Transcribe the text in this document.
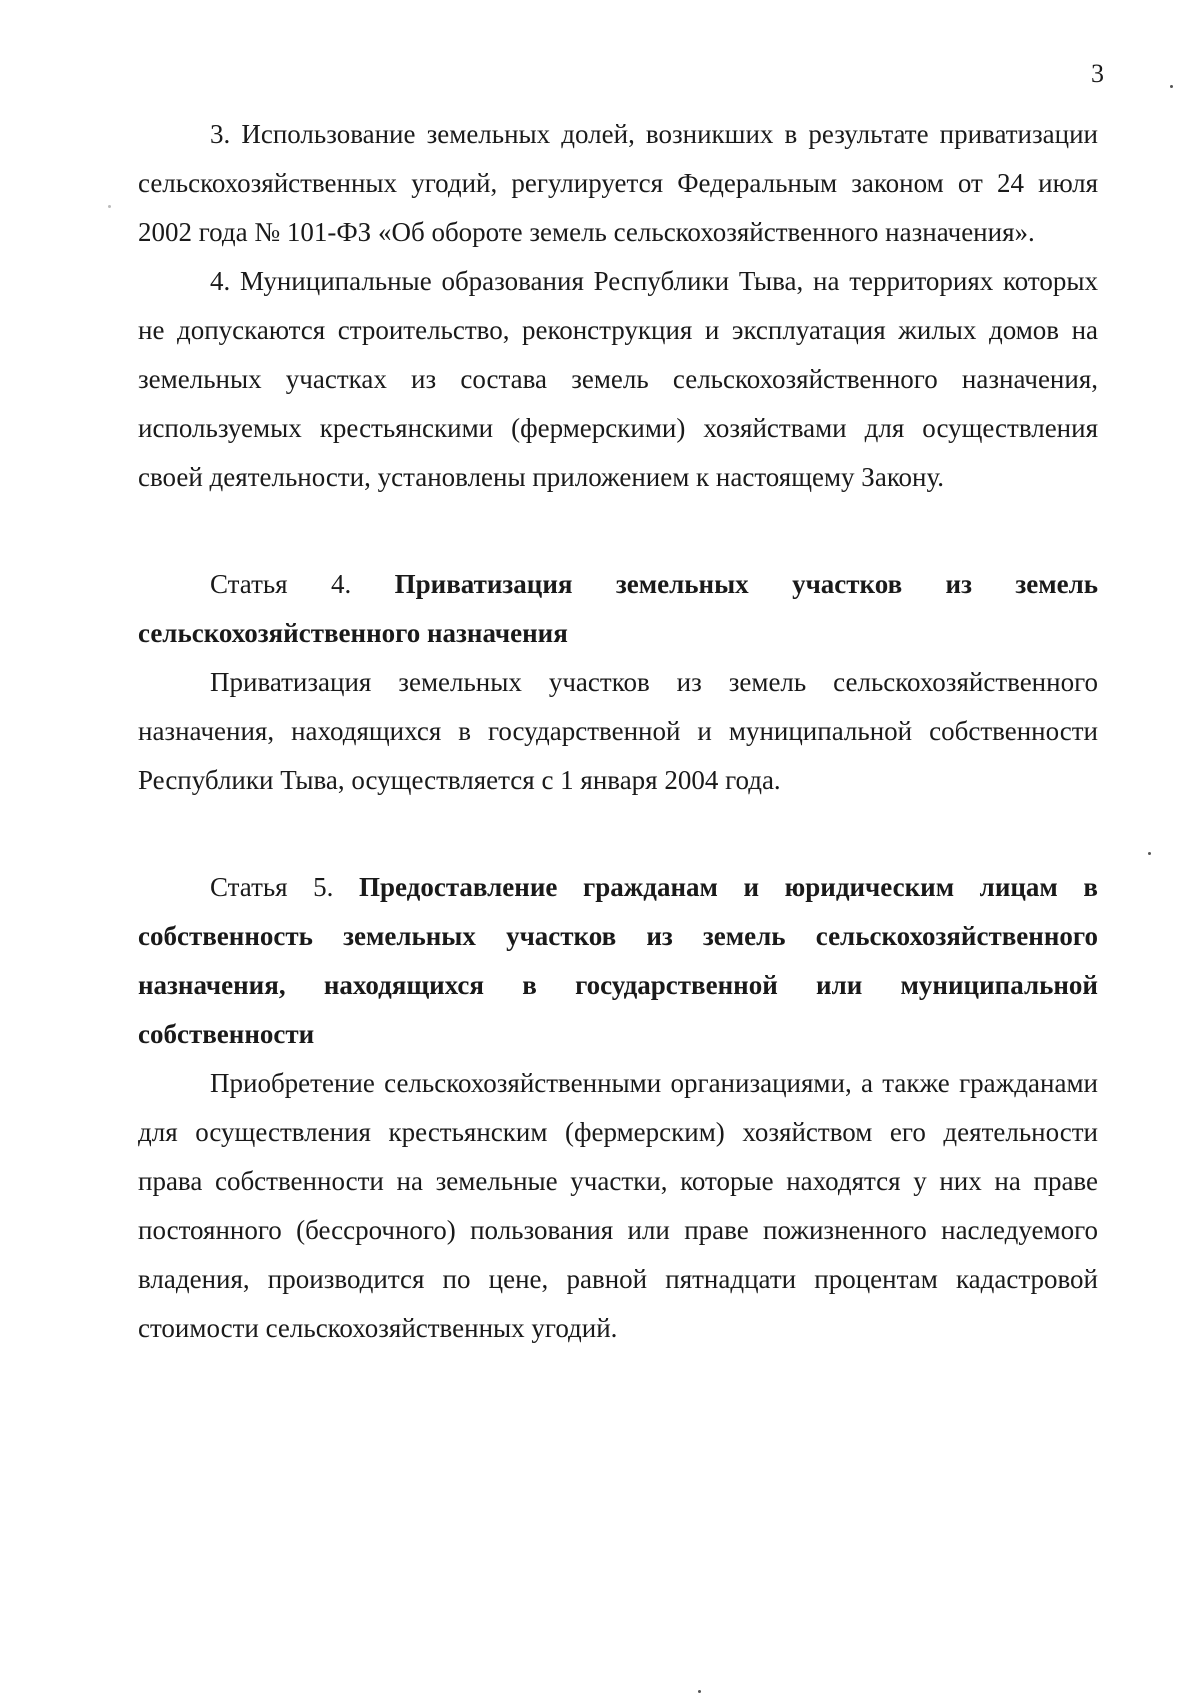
3

3. Использование земельных долей, возникших в результате приватизации сельскохозяйственных угодий, регулируется Федеральным законом от 24 июля 2002 года № 101-ФЗ «Об обороте земель сельскохозяйственного назначения».

4. Муниципальные образования Республики Тыва, на территориях которых не допускаются строительство, реконструкция и эксплуатация жилых домов на земельных участках из состава земель сельскохозяйственного назначения, используемых крестьянскими (фермерскими) хозяйствами для осуществления своей деятельности, установлены приложением к настоящему Закону.

Статья 4. Приватизация земельных участков из земель сельскохозяйственного назначения

Приватизация земельных участков из земель сельскохозяйственного назначения, находящихся в государственной и муниципальной собственности Республики Тыва, осуществляется с 1 января 2004 года.

Статья 5. Предоставление гражданам и юридическим лицам в собственность земельных участков из земель сельскохозяйственного назначения, находящихся в государственной или муниципальной собственности

Приобретение сельскохозяйственными организациями, а также гражданами для осуществления крестьянским (фермерским) хозяйством его деятельности права собственности на земельные участки, которые находятся у них на праве постоянного (бессрочного) пользования или праве пожизненного наследуемого владения, производится по цене, равной пятнадцати процентам кадастровой стоимости сельскохозяйственных угодий.
